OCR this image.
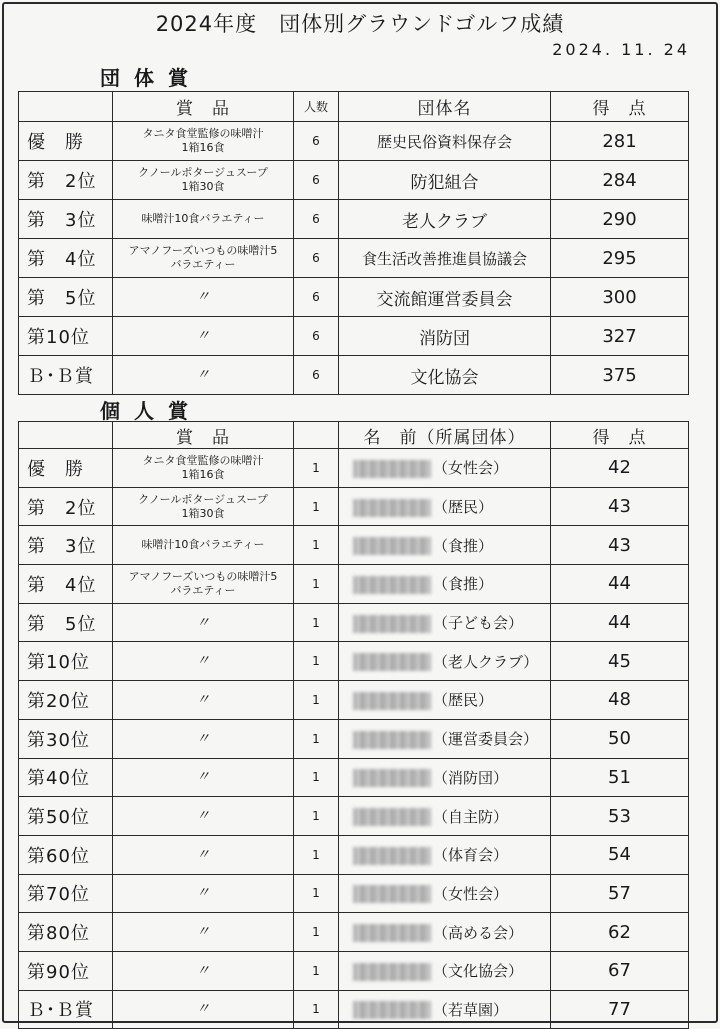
2024年度　団体別グラウンドゴルフ成績
2024. 11. 24
団体賞
	賞　品	人数	団体名	得　点
優　勝	タニタ食堂監修の味噌汁
1箱16食	6	歴史民俗資料保存会	281
第　2位	クノールポタージュスープ
1箱30食	6	防犯組合	284
第　3位	味噌汁10食バラエティー	6	老人クラブ	290
第　4位	アマノフーズいつもの味噌汁5
バラエティー	6	食生活改善推進員協議会	295
第　5位	〃	6	交流館運営委員会	300
第10位	〃	6	消防団	327
Ｂ･Ｂ賞	〃	6	文化協会	375
個人賞
	賞　品		名　前（所属団体）	得　点
優　勝	タニタ食堂監修の味噌汁
1箱16食	1	（女性会）	42
第　2位	クノールポタージュスープ
1箱30食	1	（歴民）	43
第　3位	味噌汁10食バラエティー	1	（食推）	43
第　4位	アマノフーズいつもの味噌汁5
バラエティー	1	（食推）	44
第　5位	〃	1	（子ども会）	44
第10位	〃	1	（老人クラブ）	45
第20位	〃	1	（歴民）	48
第30位	〃	1	（運営委員会）	50
第40位	〃	1	（消防団）	51
第50位	〃	1	（自主防）	53
第60位	〃	1	（体育会）	54
第70位	〃	1	（女性会）	57
第80位	〃	1	（高める会）	62
第90位	〃	1	（文化協会）	67
Ｂ･Ｂ賞	〃	1	（若草園）	77
